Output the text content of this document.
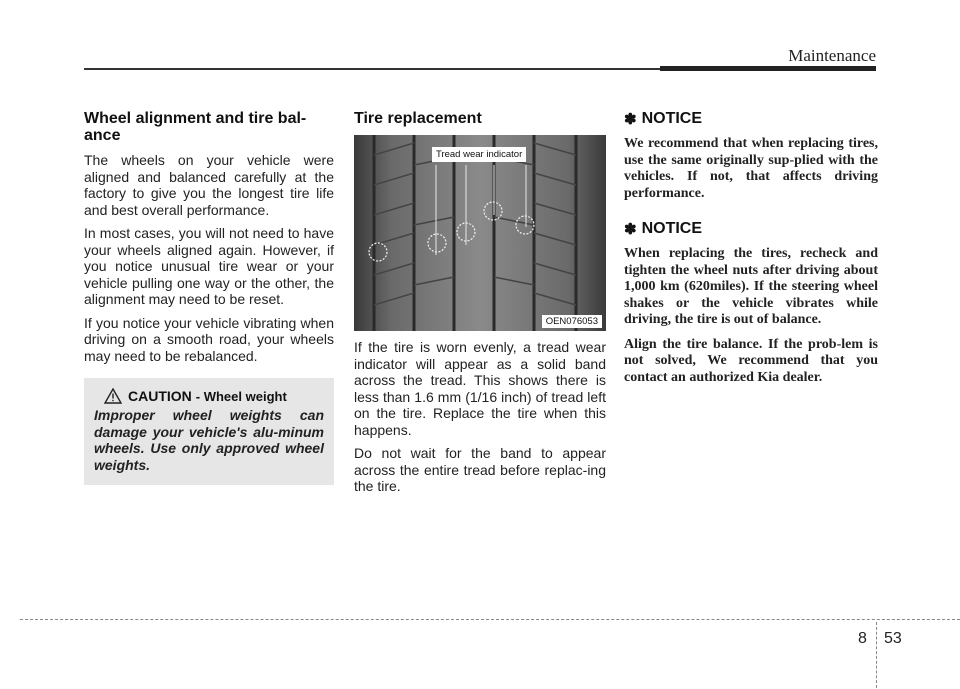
Maintenance
Wheel alignment and tire bal-ance

The wheels on your vehicle were aligned and balanced carefully at the factory to give you the longest tire life and best overall performance.

In most cases, you will not need to have your wheels aligned again. However, if you notice unusual tire wear or your vehicle pulling one way or the other, the alignment may need to be reset.

If you notice your vehicle vibrating when driving on a smooth road, your wheels may need to be rebalanced.

CAUTION - Wheel weight
Improper wheel weights can damage your vehicle's alu-minum wheels. Use only approved wheel weights.
Tire replacement
Tread wear indicator
OEN076053

If the tire is worn evenly, a tread wear indicator will appear as a solid band across the tread. This shows there is less than 1.6 mm (1/16 inch) of tread left on the tire. Replace the tire when this happens.

Do not wait for the band to appear across the entire tread before replac-ing the tire.

✽ NOTICE

We recommend that when replacing tires, use the same originally sup-plied with the vehicles. If not, that affects driving performance.

✽ NOTICE

When replacing the tires, recheck and tighten the wheel nuts after driving about 1,000 km (620miles). If the steering wheel shakes or the vehicle vibrates while driving, the tire is out of balance.

Align the tire balance. If the prob-lem is not solved, We recommend that you contact an authorized Kia dealer.

8 53
